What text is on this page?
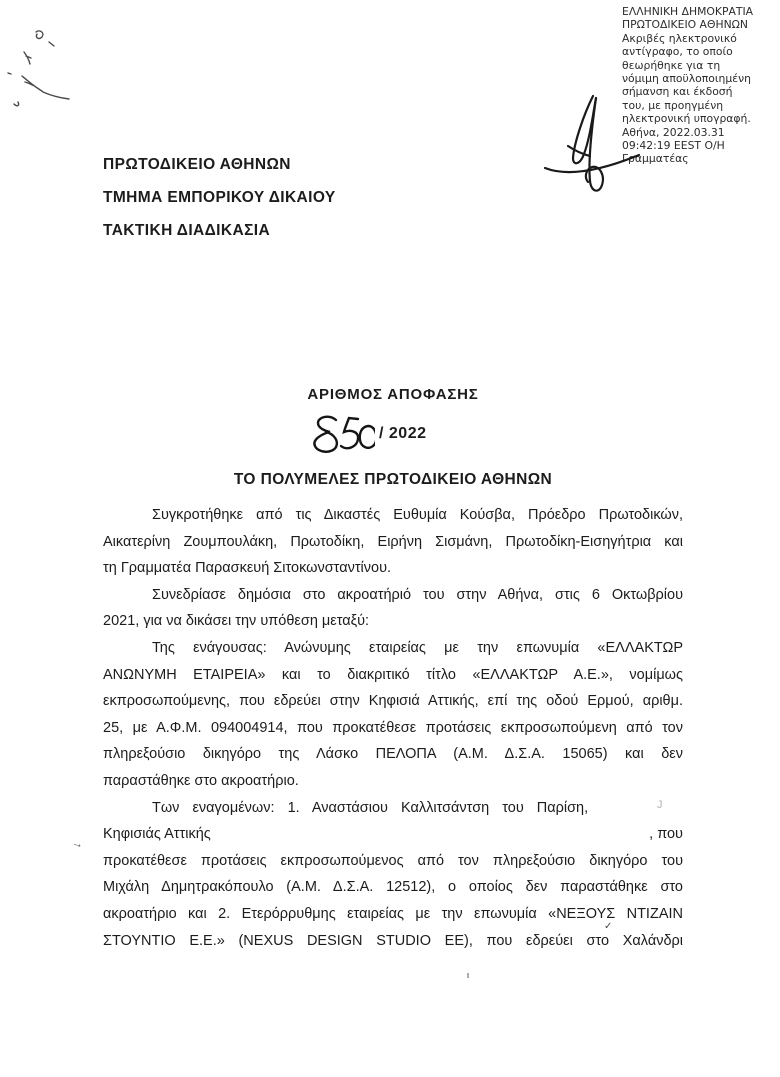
ΕΛΛΗΝΙΚΗ ΔΗΜΟΚΡΑΤΙΑ
ΠΡΩΤΟΔΙΚΕΙΟ ΑΘΗΝΩΝ
Ακριβές ηλεκτρονικό
αντίγραφο, το οποίο
θεωρήθηκε για τη
νόμιμη αποϋλοποιημένη
σήμανση και έκδοσή
του, με προηγμένη
ηλεκτρονική υπογραφή.
Αθήνα, 2022.03.31
09:42:19 EEST Ο/Η
Γραμματέας
ΠΡΩΤΟΔΙΚΕΙΟ ΑΘΗΝΩΝ
ΤΜΗΜΑ ΕΜΠΟΡΙΚΟΥ ΔΙΚΑΙΟΥ
ΤΑΚΤΙΚΗ ΔΙΑΔΙΚΑΣΙΑ
ΑΡΙΘΜΟΣ ΑΠΟΦΑΣΗΣ
/ 2022
ΤΟ ΠΟΛΥΜΕΛΕΣ ΠΡΩΤΟΔΙΚΕΙΟ ΑΘΗΝΩΝ
Συγκροτήθηκε από τις Δικαστές Ευθυμία Κούσβα, Πρόεδρο Πρωτοδικών,
Αικατερίνη Ζουμπουλάκη, Πρωτοδίκη, Ειρήνη Σισμάνη, Πρωτοδίκη-Εισηγήτρια και
τη Γραμματέα Παρασκευή Σιτοκωνσταντίνου.
Συνεδρίασε δημόσια στο ακροατήριό του στην Αθήνα, στις 6 Οκτωβρίου
2021, για να δικάσει την υπόθεση μεταξύ:
Της ενάγουσας: Ανώνυμης εταιρείας με την επωνυμία «ΕΛΛΑΚΤΩΡ
ΑΝΩΝΥΜΗ ΕΤΑΙΡΕΙΑ» και το διακριτικό τίτλο «ΕΛΛΑΚΤΩΡ Α.Ε.», νομίμως
εκπροσωπούμενης, που εδρεύει στην Κηφισιά Αττικής, επί της οδού Ερμού, αριθμ.
25, με Α.Φ.Μ. 094004914, που προκατέθεσε προτάσεις εκπροσωπούμενη από τον
πληρεξούσιο δικηγόρο της Λάσκο ΠΕΛΟΠΑ (Α.Μ. Δ.Σ.Α. 15065) και δεν
παραστάθηκε στο ακροατήριο.
Των εναγομένων: 1. Αναστάσιου Καλλιτσάντση του Παρίση,
Κηφισιάς Αττικής	, που
προκατέθεσε προτάσεις εκπροσωπούμενος από τον πληρεξούσιο δικηγόρο του
Μιχάλη Δημητρακόπουλο (Α.Μ. Δ.Σ.Α. 12512), ο οποίος δεν παραστάθηκε στο
ακροατήριο και 2. Ετερόρρυθμης εταιρείας με την επωνυμία «ΝΕΞΟΥΣ ΝΤΙΖΑΙΝ
ΣΤΟΥΝΤΙΟ Ε.Ε.» (NEXUS DESIGN STUDIO ΕΕ), που εδρεύει στο Χαλάνδρι
→
J
✓
ι
